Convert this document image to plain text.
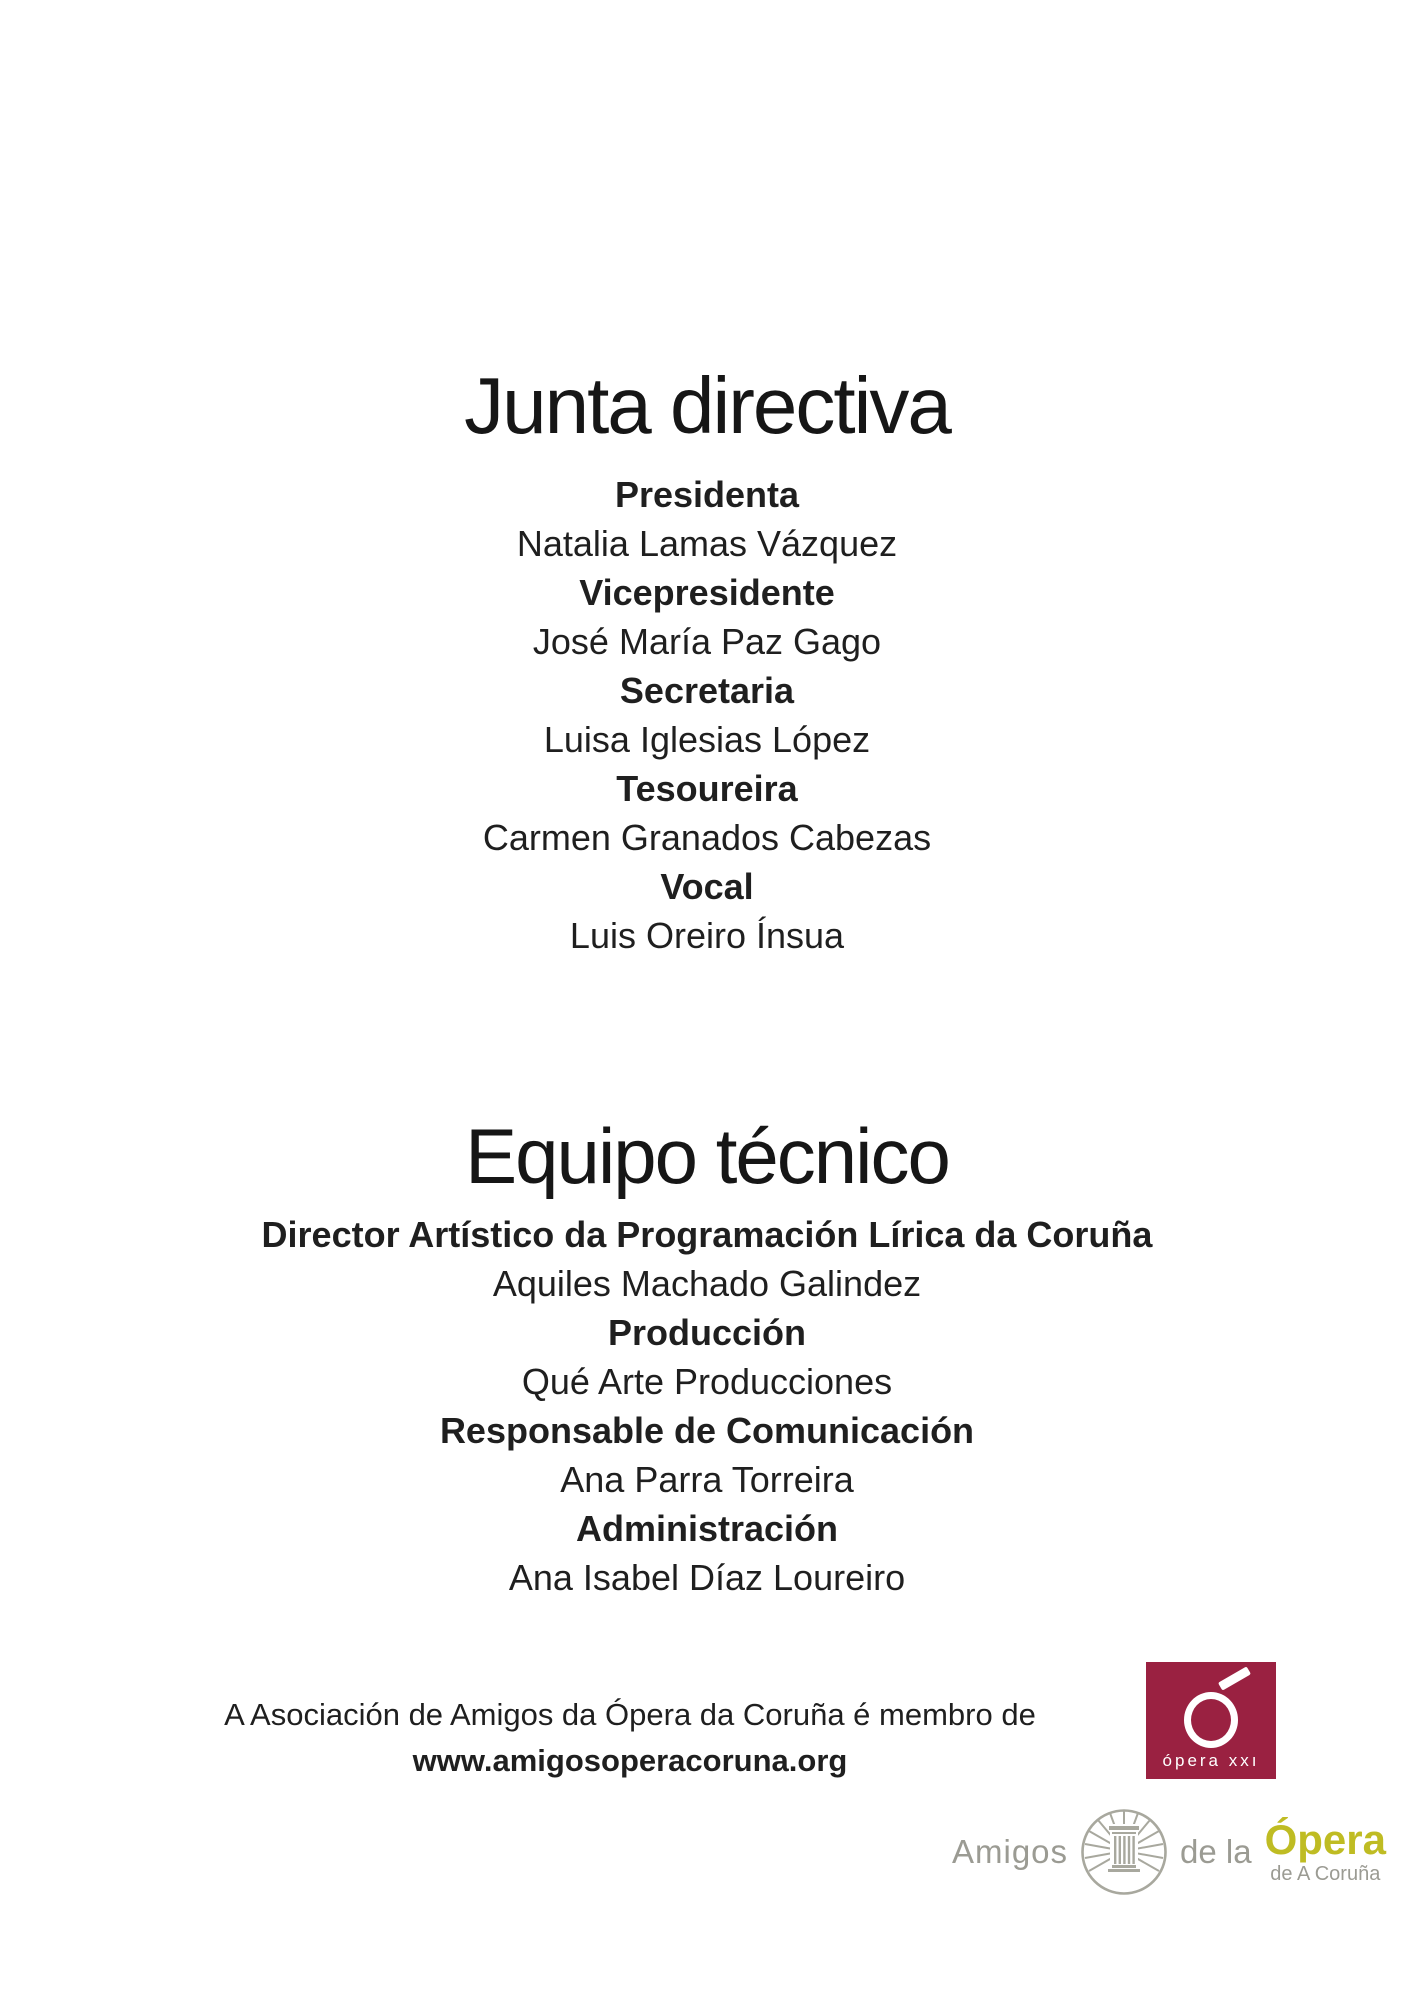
Junta directiva
Presidenta
Natalia Lamas Vázquez
Vicepresidente
José María Paz Gago
Secretaria
Luisa Iglesias López
Tesoureira
Carmen Granados Cabezas
Vocal
Luis Oreiro Ínsua
Equipo técnico
Director Artístico da Programación Lírica da Coruña
Aquiles Machado Galindez
Producción
Qué Arte Producciones
Responsable de Comunicación
Ana Parra Torreira
Administración
Ana Isabel Díaz Loureiro
A Asociación de Amigos da Ópera da Coruña é membro de
www.amigosoperacoruna.org	ópera xxı
Amigos	de la Ópera
de A Coruña
